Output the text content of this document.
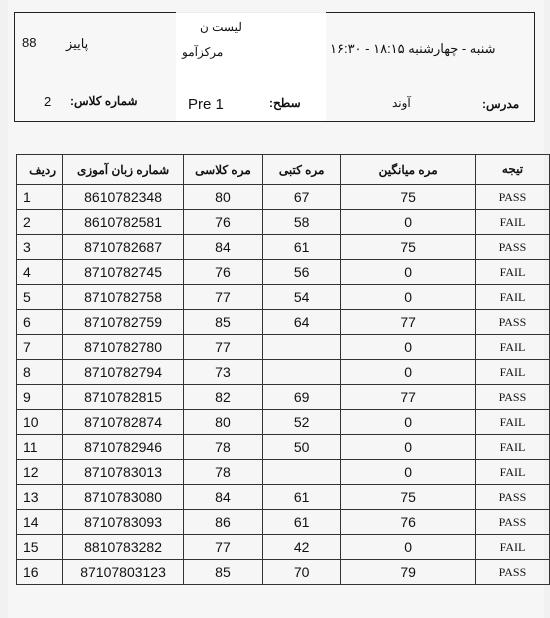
88 پاییز
لیست ن
مرکزآمو	شنبه - چهارشنبه ۱۸:۱۵ - ۱۶:۳۰
شماره کلاس:
2	Pre 1	سطح:	آوند	مدرس:
ردیف	شماره زبان آموزی	مره کلاسی	مره کتبی	مره میانگین	تیجه
1	8610782348	80	67	75	PASS
2	8610782581	76	58	0	FAIL
3	8710782687	84	61	75	PASS
4	8710782745	76	56	0	FAIL
5	8710782758	77	54	0	FAIL
6	8710782759	85	64	77	PASS
7	8710782780	77		0	FAIL
8	8710782794	73		0	FAIL
9	8710782815	82	69	77	PASS
10	8710782874	80	52	0	FAIL
11	8710782946	78	50	0	FAIL
12	8710783013	78		0	FAIL
13	8710783080	84	61	75	PASS
14	8710783093	86	61	76	PASS
15	8810783282	77	42	0	FAIL
16	87107803123	85	70	79	PASS
